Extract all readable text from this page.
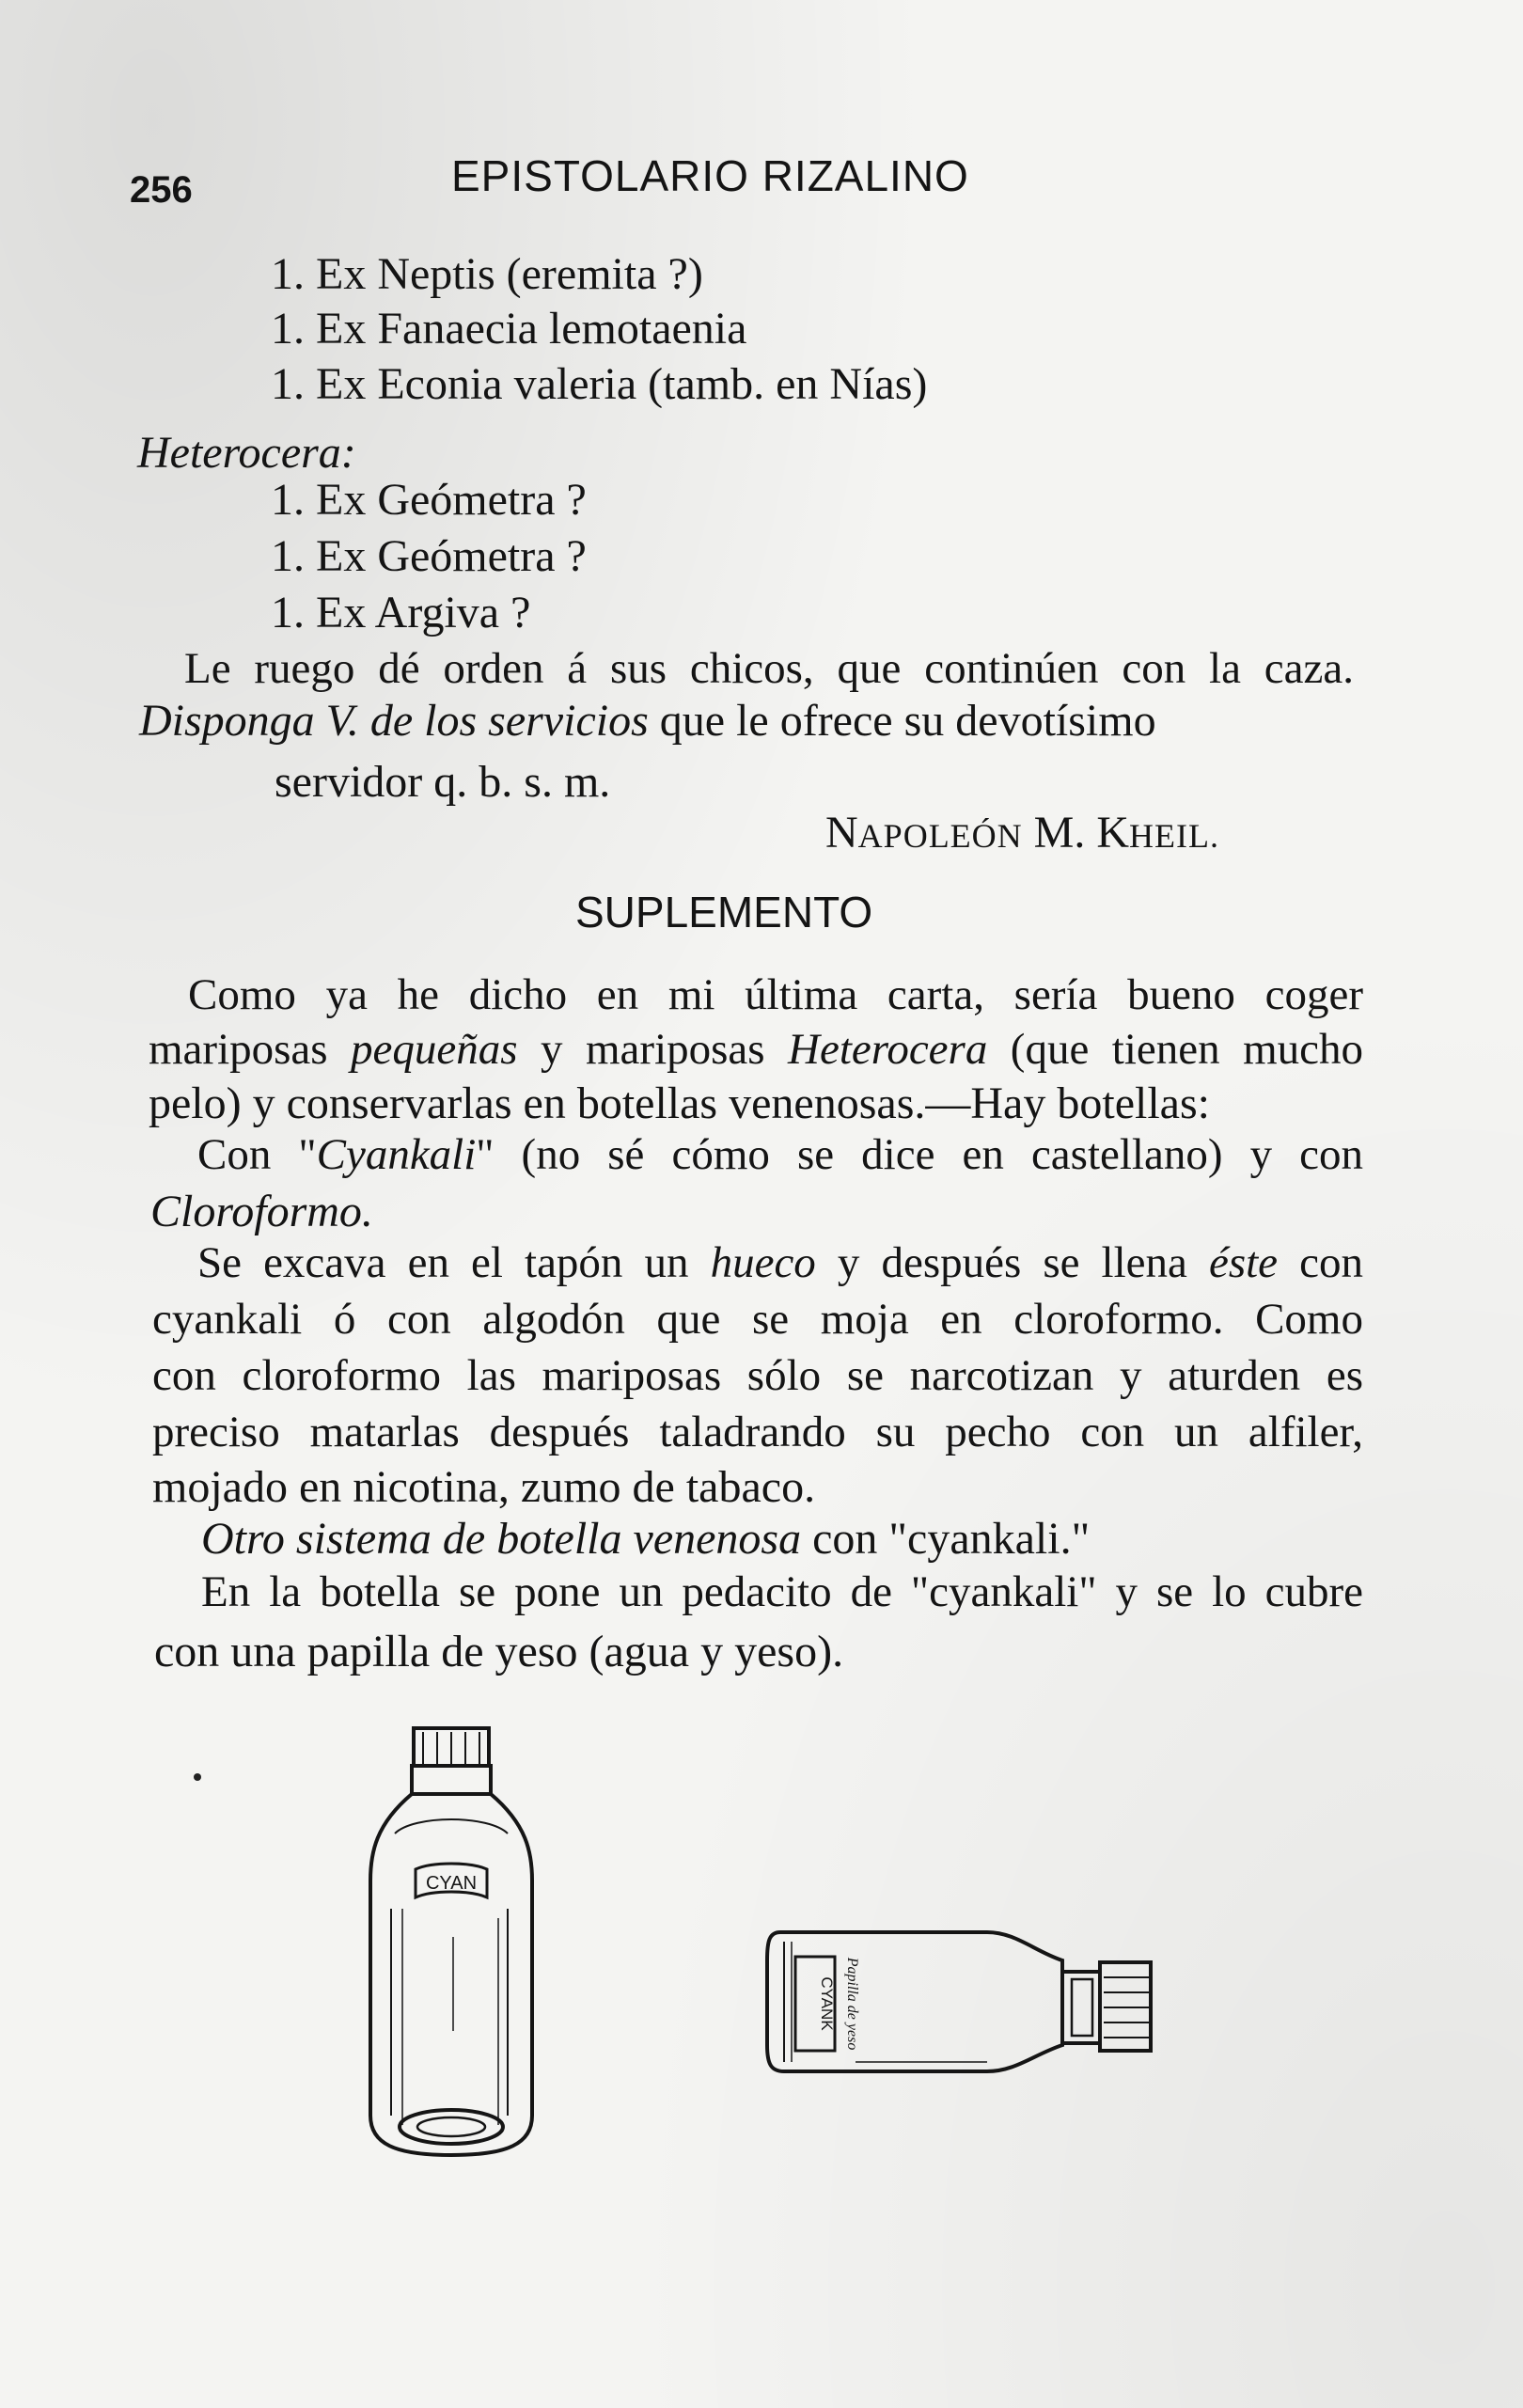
256	EPISTOLARIO RIZALINO
1. Ex Neptis (eremita ?)
1. Ex Fanaecia lemotaenia
1. Ex Econia valeria (tamb. en Nías)
Heterocera:
1. Ex Geómetra ?
1. Ex Geómetra ?
1. Ex Argiva ?
Le ruego dé orden á sus chicos, que continúen con la caza.
Disponga V. de los servicios que le ofrece su devotísimo
servidor q. b. s. m.
NAPOLEÓN M. KHEIL.
SUPLEMENTO
Como ya he dicho en mi última carta, sería bueno coger
mariposas pequeñas y mariposas Heterocera (que tienen mucho
pelo) y conservarlas en botellas venenosas.—Hay botellas:
Con "Cyankali" (no sé cómo se dice en castellano) y con
Cloroformo.
Se excava en el tapón un hueco y después se llena éste con
cyankali ó con algodón que se moja en cloroformo. Como
con cloroformo las mariposas sólo se narcotizan y aturden es
preciso matarlas después taladrando su pecho con un alfiler,
mojado en nicotina, zumo de tabaco.
Otro sistema de botella venenosa con "cyankali."
En la botella se pone un pedacito de "cyankali" y se lo cubre
con una papilla de yeso (agua y yeso).
CYAN
CYANK Papilla de yeso
